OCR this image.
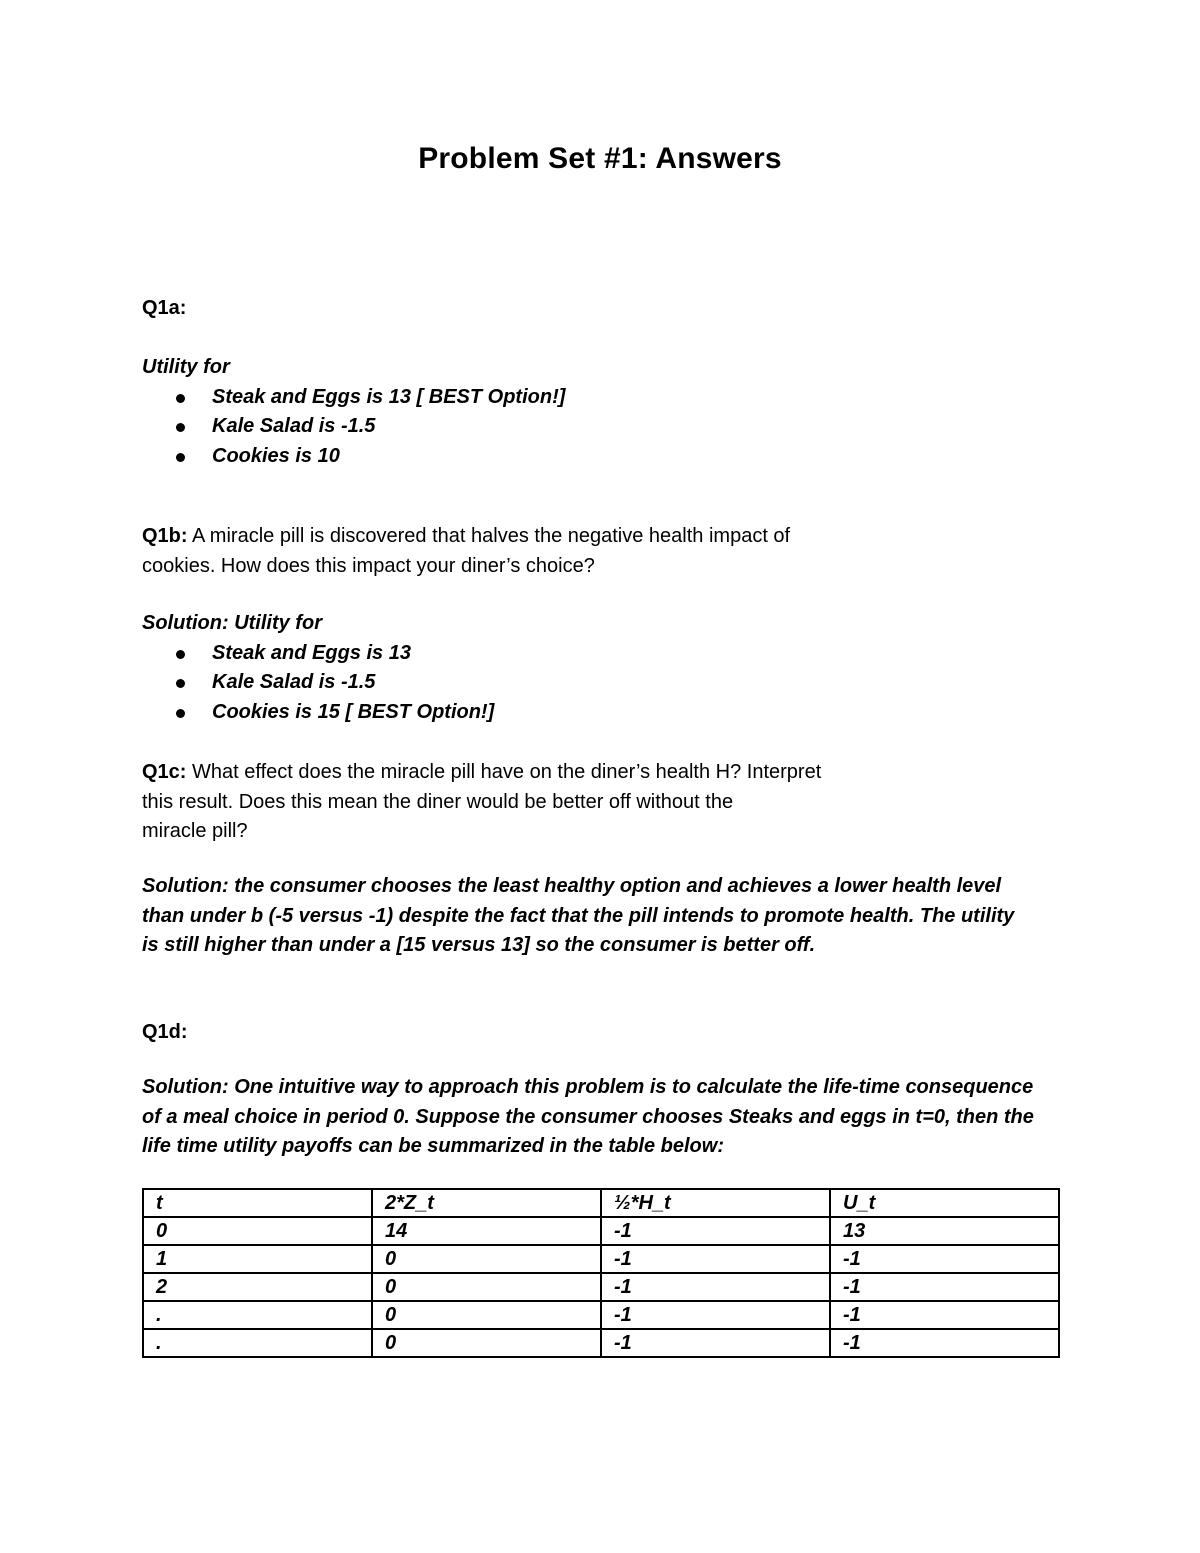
Problem Set #1: Answers
Q1a:
Utility for
Steak and Eggs is 13 [ BEST Option!]
Kale Salad is -1.5
Cookies is 10

Q1b: A miracle pill is discovered that halves the negative health impact of
cookies. How does this impact your diner’s choice?

Solution: Utility for
Steak and Eggs is 13
Kale Salad is -1.5
Cookies is 15 [ BEST Option!]

Q1c: What effect does the miracle pill have on the diner’s health H? Interpret
this result. Does this mean the diner would be better off without the
miracle pill?

Solution: the consumer chooses the least healthy option and achieves a lower health level
than under b (-5 versus -1) despite the fact that the pill intends to promote health. The utility
is still higher than under a [15 versus 13] so the consumer is better off.

Q1d:

Solution: One intuitive way to approach this problem is to calculate the life-time consequence
of a meal choice in period 0. Suppose the consumer chooses Steaks and eggs in t=0, then the
life time utility payoffs can be summarized in the table below:

t	2*Z_t	½*H_t	U_t
0	14	-1	13
1	0	-1	-1
2	0	-1	-1
.	0	-1	-1
.	0	-1	-1
